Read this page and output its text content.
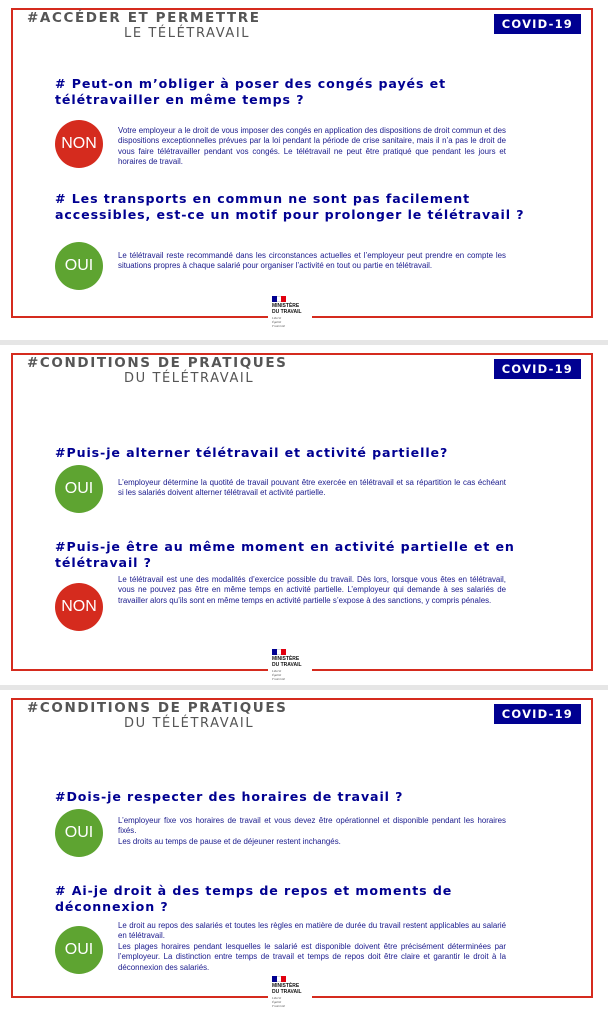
#ACCÉDER ET PERMETTRE
LE TÉLÉTRAVAIL
COVID-19
# Peut-on m’obliger à poser des congés payés et télétravailler en même temps ?
NON
Votre employeur a le droit de vous imposer des congés en application des dispositions de droit commun et des dispositions exceptionnelles prévues par la loi pendant la période de crise sanitaire, mais il n’a pas le droit de vous faire télétravailler pendant vos congés. Le télétravail ne peut être pratiqué que pendant les jours et horaires de travail.
# Les transports en commun ne sont pas facilement accessibles, est-ce un motif pour prolonger le télétravail ?
OUI
Le télétravail reste recommandé dans les circonstances actuelles et l’employeur peut prendre en compte les situations propres à chaque salarié pour organiser l’activité en tout ou partie en télétravail.
MINISTÈRE
DU TRAVAIL
Liberté
Égalité
Fraternité
#CONDITIONS DE PRATIQUES
DU TÉLÉTRAVAIL
COVID-19
#Puis-je alterner télétravail et activité partielle?
OUI	L’employeur détermine la quotité de travail pouvant être exercée en télétravail et sa répartition le cas échéant si les salariés doivent alterner télétravail et activité partielle.
#Puis-je être au même moment en activité partielle et en télétravail ?
NON
Le télétravail est une des modalités d’exercice possible du travail. Dès lors, lorsque vous êtes en télétravail, vous ne pouvez pas être en même temps en activité partielle. L’employeur qui demande à ses salariés de travailler alors qu’ils sont en même temps en activité partielle s’expose à des sanctions, y compris pénales.
MINISTÈRE
DU TRAVAIL
Liberté
Égalité
Fraternité
#CONDITIONS DE PRATIQUES
DU TÉLÉTRAVAIL
COVID-19
#Dois-je respecter des horaires de travail ?
OUI
L’employeur fixe vos horaires de travail et vous devez être opérationnel et disponible pendant les horaires fixés.
Les droits au temps de pause et de déjeuner restent inchangés.
# Ai-je droit à des temps de repos et moments de déconnexion ?
OUI
Le droit au repos des salariés et toutes les règles en matière de durée du travail restent applicables au salarié en télétravail.
Les plages horaires pendant lesquelles le salarié est disponible doivent être précisément déterminées par l’employeur. La distinction entre temps de travail et temps de repos doit être claire et garantir le droit à la déconnexion des salariés.
MINISTÈRE
DU TRAVAIL
Liberté
Égalité
Fraternité
